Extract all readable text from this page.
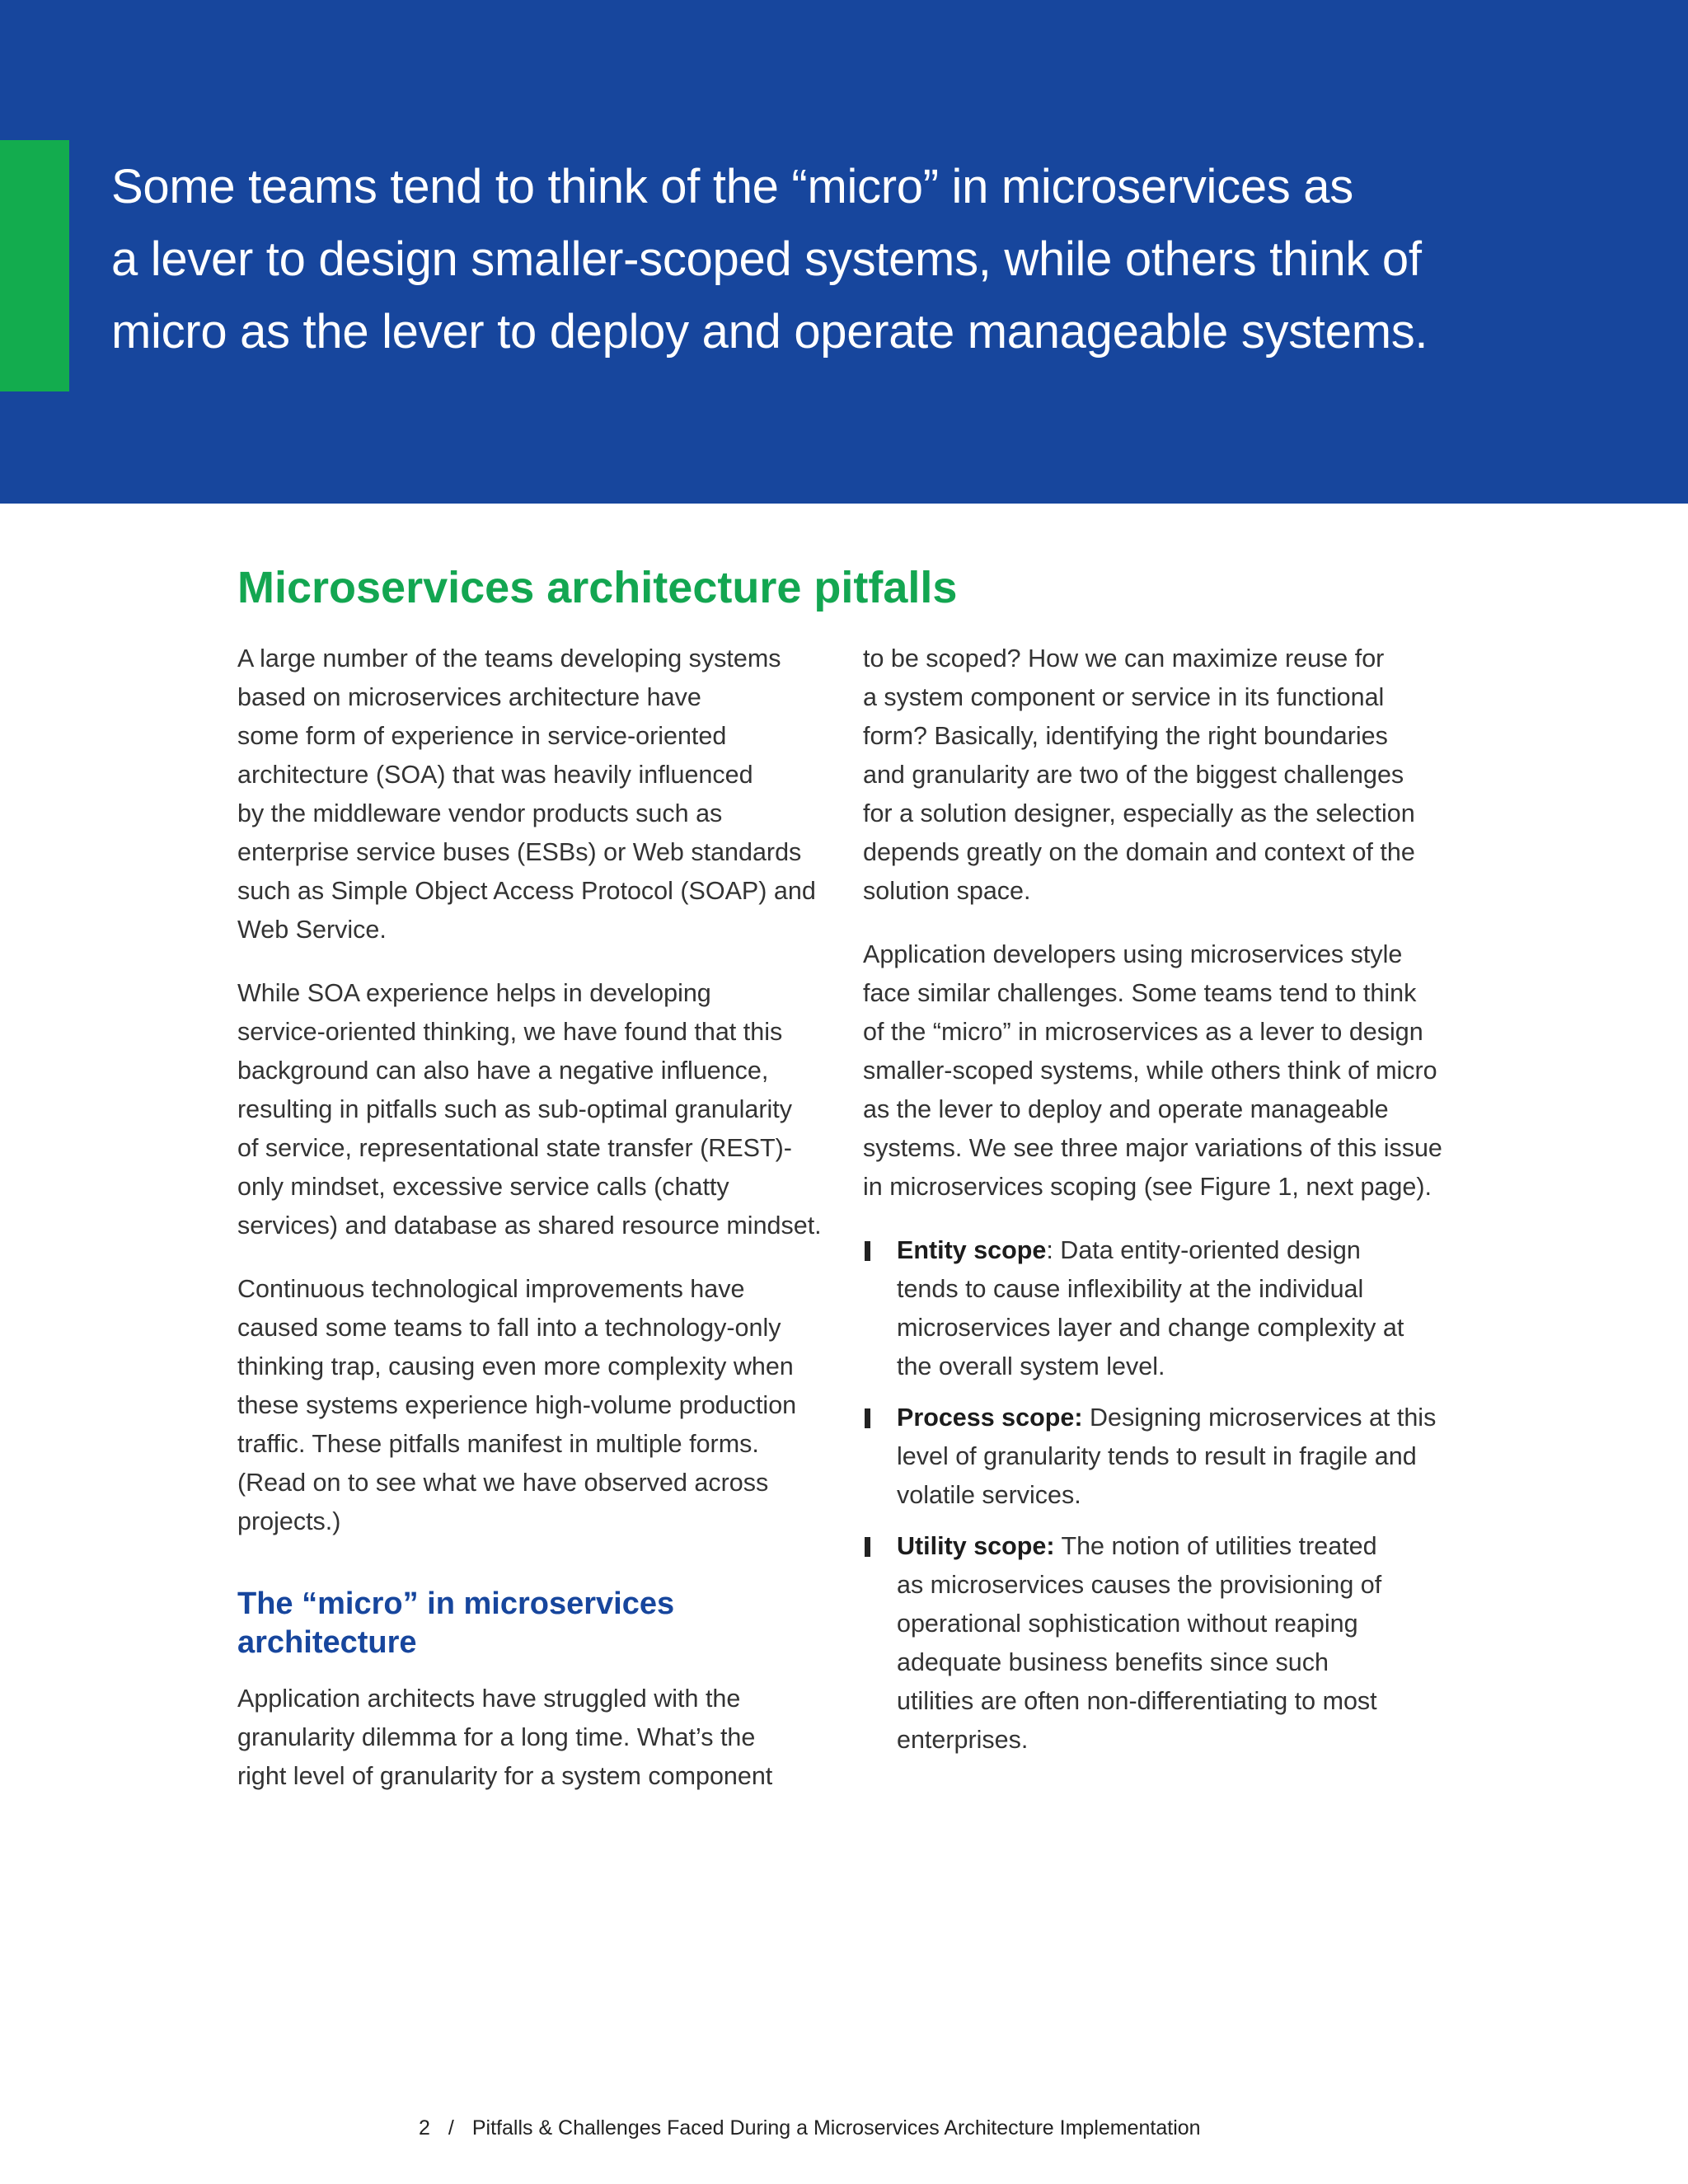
Some teams tend to think of the “micro” in microservices as
a lever to design smaller-scoped systems, while others think of
micro as the lever to deploy and operate manageable systems.

Microservices architecture pitfalls

A large number of the teams developing systems
based on microservices architecture have
some form of experience in service-oriented
architecture (SOA) that was heavily influenced
by the middleware vendor products such as
enterprise service buses (ESBs) or Web standards
such as Simple Object Access Protocol (SOAP) and
Web Service.

While SOA experience helps in developing
service-oriented thinking, we have found that this
background can also have a negative influence,
resulting in pitfalls such as sub-optimal granularity
of service, representational state transfer (REST)-
only mindset, excessive service calls (chatty
services) and database as shared resource mindset.

Continuous technological improvements have
caused some teams to fall into a technology-only
thinking trap, causing even more complexity when
these systems experience high-volume production
traffic. These pitfalls manifest in multiple forms.
(Read on to see what we have observed across
projects.)

The “micro” in microservices
architecture

Application architects have struggled with the
granularity dilemma for a long time. What’s the
right level of granularity for a system component

to be scoped? How we can maximize reuse for
a system component or service in its functional
form? Basically, identifying the right boundaries
and granularity are two of the biggest challenges
for a solution designer, especially as the selection
depends greatly on the domain and context of the
solution space.

Application developers using microservices style
face similar challenges. Some teams tend to think
of the “micro” in microservices as a lever to design
smaller-scoped systems, while others think of micro
as the lever to deploy and operate manageable
systems. We see three major variations of this issue
in microservices scoping (see Figure 1, next page).

Entity scope: Data entity-oriented design
tends to cause inflexibility at the individual
microservices layer and change complexity at
the overall system level.
Process scope: Designing microservices at this
level of granularity tends to result in fragile and
volatile services.
Utility scope: The notion of utilities treated
as microservices causes the provisioning of
operational sophistication without reaping
adequate business benefits since such
utilities are often non-differentiating to most
enterprises.
2 / Pitfalls & Challenges Faced During a Microservices Architecture Implementation
